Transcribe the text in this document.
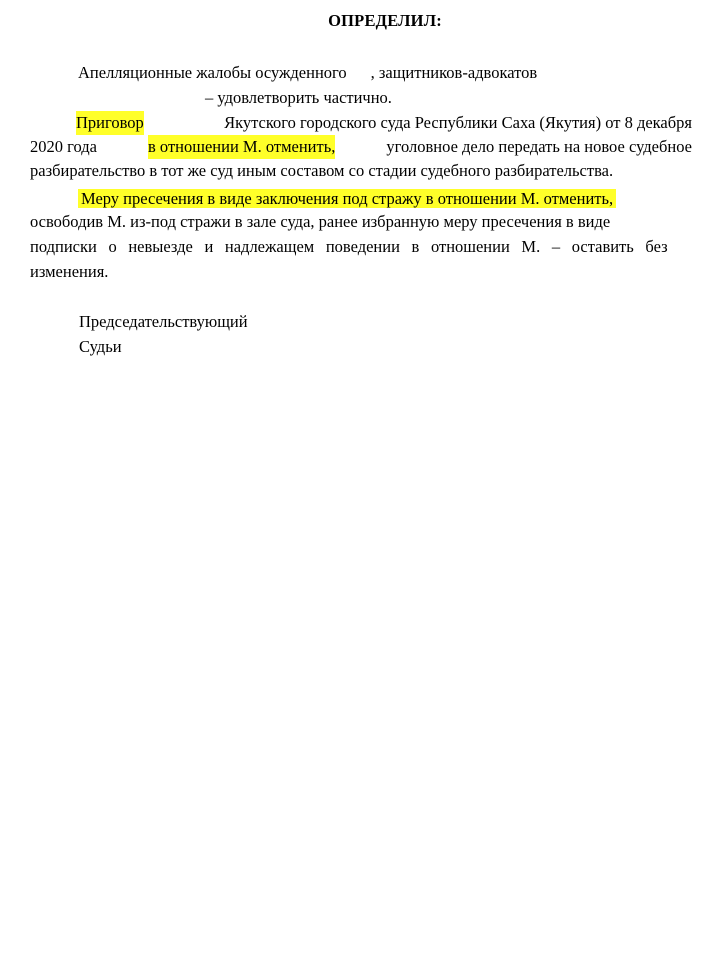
ОПРЕДЕЛИЛ:
Апелляционные жалобы осужденного , защитников-адвокатов
– удовлетворить частично.
Приговор	Якутского городского суда Республики Саха (Якутия) от 8 декабря
2020 года	в отношении М. отменить,	уголовное дело передать на новое судебное
разбирательство в тот же суд иным составом со стадии судебного разбирательства.
Меру пресечения в виде заключения под стражу в отношении М. отменить,
освободив М. из-под стражи в зале суда, ранее избранную меру пресечения в виде
подписки о невыезде и надлежащем поведении в отношении М. – оставить без
изменения.
Председательствующий
Судьи
